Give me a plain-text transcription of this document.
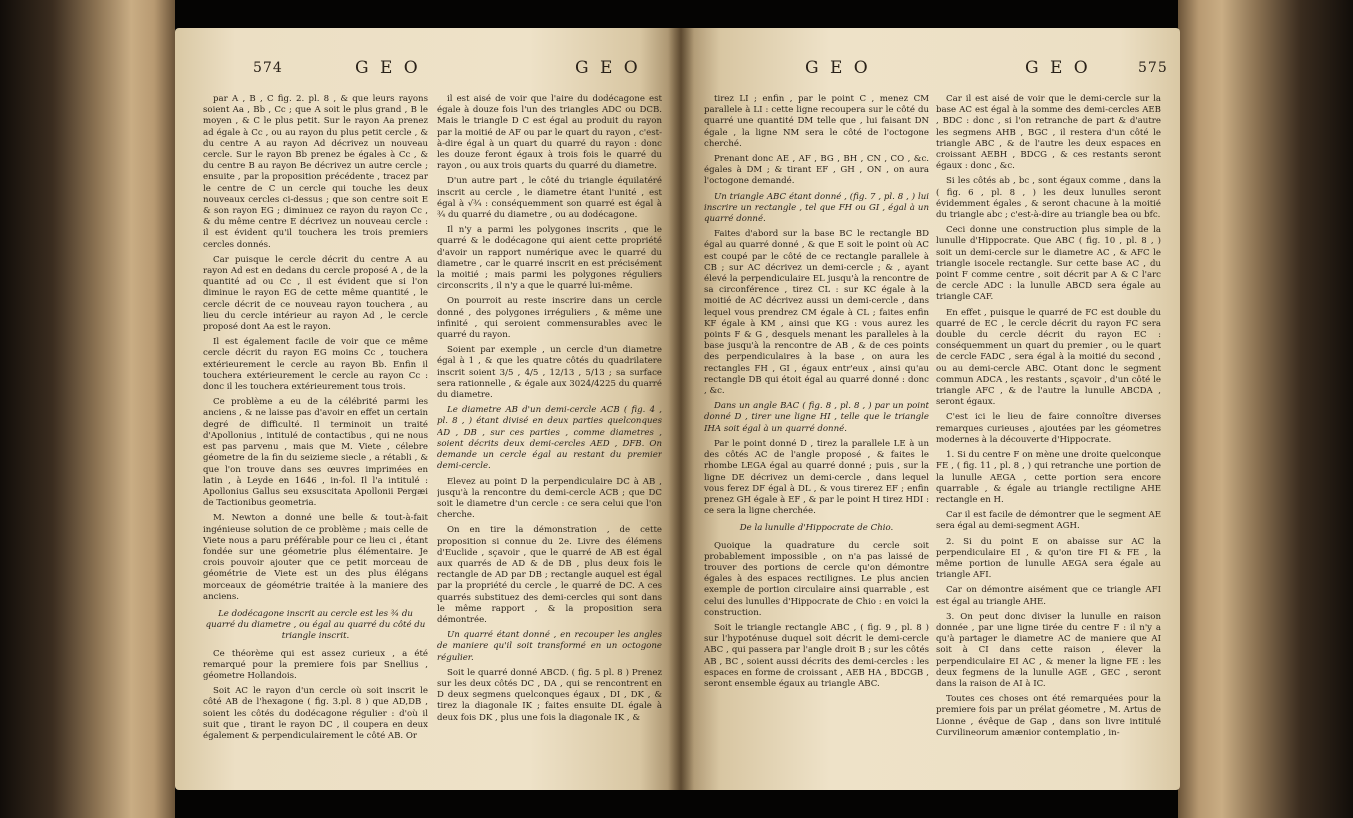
574	G E O	G E O

par A , B , C fig. 2. pl. 8 , & que leurs rayons soient Aa , Bb , Cc ; que A soit le plus grand , B le moyen , & C le plus petit. Sur le rayon Aa prenez ad égale à Cc , ou au rayon du plus petit cercle , & du centre A au rayon Ad décrivez un nouveau cercle. Sur le rayon Bb prenez be égales à Cc , & du centre B au rayon Be décrivez un autre cercle ; ensuite , par la proposition précédente , tracez par le centre de C un cercle qui touche les deux nouveaux cercles ci-dessus ; que son centre soit E & son rayon EG ; diminuez ce rayon du rayon Cc , & du même centre E décrivez un nouveau cercle : il est évident qu'il touchera les trois premiers cercles donnés.

Car puisque le cercle décrit du centre A au rayon Ad est en dedans du cercle proposé A , de la quantité ad ou Cc , il est évident que si l'on diminue le rayon EG de cette même quantité , le cercle décrit de ce nouveau rayon touchera , au lieu du cercle intérieur au rayon Ad , le cercle proposé dont Aa est le rayon.

Il est également facile de voir que ce même cercle décrit du rayon EG moins Cc , touchera extérieurement le cercle au rayon Bb. Enfin il touchera extérieurement le cercle au rayon Cc : donc il les touchera extérieurement tous trois.

Ce problème a eu de la célébrité parmi les anciens , & ne laisse pas d'avoir en effet un certain degré de difficulté. Il terminoit un traité d'Apollonius , intitulé de contactibus , qui ne nous est pas parvenu , mais que M. Viete , célebre géometre de la fin du seizieme siecle , a rétabli , & que l'on trouve dans ses œuvres imprimées en latin , à Leyde en 1646 , in-fol. Il l'a intitulé : Apollonius Gallus seu exsuscitata Apollonii Pergæi de Tactionibus geometria.

M. Newton a donné une belle & tout-à-fait ingénieuse solution de ce problème ; mais celle de Viete nous a paru préférable pour ce lieu ci , étant fondée sur une géometrie plus élémentaire. Je crois pouvoir ajouter que ce petit morceau de géométrie de Viete est un des plus élégans morceaux de géométrie traitée à la maniere des anciens.

Le dodécagone inscrit au cercle est les ¾ du quarré du diametre , ou égal au quarré du côté du triangle inscrit.

Ce théorème qui est assez curieux , a été remarqué pour la premiere fois par Snellius , géometre Hollandois.

Soit AC le rayon d'un cercle où soit inscrit le côté AB de l'hexagone ( fig. 3.pl. 8 ) que AD,DB , soient les côtés du dodécagone régulier : d'où il suit que , tirant le rayon DC , il coupera en deux également & perpendiculairement le côté AB. Or

il est aisé de voir que l'aire du dodécagone est égale à douze fois l'un des triangles ADC ou DCB. Mais le triangle D C est égal au produit du rayon par la moitié de AF ou par le quart du rayon , c'est-à-dire égal à un quart du quarré du rayon : donc les douze feront égaux à trois fois le quarré du rayon , ou aux trois quarts du quarré du diametre.

D'un autre part , le côté du triangle équilatéré inscrit au cercle , le diametre étant l'unité , est égal à √¾ : conséquemment son quarré est égal à ¾ du quarré du diametre , ou au dodécagone.

Il n'y a parmi les polygones inscrits , que le quarré & le dodécagone qui aient cette propriété d'avoir un rapport numérique avec le quarré du diametre , car le quarré inscrit en est précisément la moitié ; mais parmi les polygones réguliers circonscrits , il n'y a que le quarré lui-même.

On pourroit au reste inscrire dans un cercle donné , des polygones irréguliers , & même une infinité , qui seroient commensurables avec le quarré du rayon.

Soient par exemple , un cercle d'un diametre égal à 1 , & que les quatre côtés du quadrilatere inscrit soient 3/5 , 4/5 , 12/13 , 5/13 ; sa surface sera rationnelle , & égale aux 3024/4225 du quarré du diametre.

Le diametre AB d'un demi-cercle ACB ( fig. 4 , pl. 8 , ) étant divisé en deux parties quelconques AD , DB , sur ces parties , comme diametres , soient décrits deux demi-cercles AED , DFB. On demande un cercle égal au restant du premier demi-cercle.

Elevez au point D la perpendiculaire DC à AB , jusqu'à la rencontre du demi-cercle ACB ; que DC soit le diametre d'un cercle : ce sera celui que l'on cherche.

On en tire la démonstration , de cette proposition si connue du 2e. Livre des élémens d'Euclide , sçavoir , que le quarré de AB est égal aux quarrés de AD & de DB , plus deux fois le rectangle de AD par DB ; rectangle auquel est égal par la propriété du cercle , le quarré de DC. A ces quarrés substituez des demi-cercles qui sont dans le même rapport , & la proposition sera démontrée.

Un quarré étant donné , en recouper les angles de maniere qu'il soit transformé en un octogone régulier.

Soit le quarré donné ABCD. ( fig. 5 pl. 8 ) Prenez sur les deux côtés DC , DA , qui se rencontrent en D deux segmens quelconques égaux , DI , DK , & tirez la diagonale IK ; faites ensuite DL égale à deux fois DK , plus une fois la diagonale IK , &

G E O	G E O	575

tirez LI ; enfin , par le point C , menez CM parallele à LI : cette ligne recoupera sur le côté du quarré une quantité DM telle que , lui faisant DN égale , la ligne NM sera le côté de l'octogone cherché.

Prenant donc AE , AF , BG , BH , CN , CO , &c. égales à DM ; & tirant EF , GH , ON , on aura l'octogone demandé.

Un triangle ABC étant donné , (fig. 7 , pl. 8 , ) lui inscrire un rectangle , tel que FH ou GI , égal à un quarré donné.

Faites d'abord sur la base BC le rectangle BD égal au quarré donné , & que E soit le point où AC est coupé par le côté de ce rectangle parallele à CB ; sur AC décrivez un demi-cercle ; & , ayant élevé la perpendiculaire EL jusqu'à la rencontre de sa circonférence , tirez CL : sur KC égale à la moitié de AC décrivez aussi un demi-cercle , dans lequel vous prendrez CM égale à CL ; faites enfin KF égale à KM , ainsi que KG : vous aurez les points F & G , desquels menant les paralleles à la base jusqu'à la rencontre de AB , & de ces points des perpendiculaires à la base , on aura les rectangles FH , GI , égaux entr'eux , ainsi qu'au rectangle DB qui étoit égal au quarré donné : donc , &c.

Dans un angle BAC ( fig. 8 , pl. 8 , ) par un point donné D , tirer une ligne HI , telle que le triangle IHA soit égal à un quarré donné.

Par le point donné D , tirez la parallele LE à un des côtés AC de l'angle proposé , & faites le rhombe LEGA égal au quarré donné ; puis , sur la ligne DE décrivez un demi-cercle , dans lequel vous ferez DF égal à DL , & vous tirerez EF ; enfin prenez GH égale à EF , & par le point H tirez HDI : ce sera la ligne cherchée.

De la lunulle d'Hippocrate de Chio.

Quoique la quadrature du cercle soit probablement impossible , on n'a pas laissé de trouver des portions de cercle qu'on démontre égales à des espaces rectilignes. Le plus ancien exemple de portion circulaire ainsi quarrable , est celui des lunulles d'Hippocrate de Chio : en voici la construction.

Soit le triangle rectangle ABC , ( fig. 9 , pl. 8 ) sur l'hypoténuse duquel soit décrit le demi-cercle ABC , qui passera par l'angle droit B ; sur les côtés AB , BC , soient aussi décrits des demi-cercles : les espaces en forme de croissant , AEB HA , BDCGB , seront ensemble égaux au triangle ABC.

Car il est aisé de voir que le demi-cercle sur la base AC est égal à la somme des demi-cercles AEB , BDC : donc , si l'on retranche de part & d'autre les segmens AHB , BGC , il restera d'un côté le triangle ABC , & de l'autre les deux espaces en croissant AEBH , BDCG , & ces restants seront égaux : donc , &c.

Si les côtés ab , bc , sont égaux comme , dans la ( fig. 6 , pl. 8 , ) les deux lunulles seront évidemment égales , & seront chacune à la moitié du triangle abc ; c'est-à-dire au triangle bea ou bfc.

Ceci donne une construction plus simple de la lunulle d'Hippocrate. Que ABC ( fig. 10 , pl. 8 , ) soit un demi-cercle sur le diametre AC , & AFC le triangle isocele rectangle. Sur cette base AC , du point F comme centre , soit décrit par A & C l'arc de cercle ADC : la lunulle ABCD sera égale au triangle CAF.

En effet , puisque le quarré de FC est double du quarré de EC , le cercle décrit du rayon FC sera double du cercle décrit du rayon EC : conséquemment un quart du premier , ou le quart de cercle FADC , sera égal à la moitié du second , ou au demi-cercle ABC. Otant donc le segment commun ADCA , les restants , sçavoir , d'un côté le triangle AFC , & de l'autre la lunulle ABCDA , seront égaux.

C'est ici le lieu de faire connoître diverses remarques curieuses , ajoutées par les géometres modernes à la découverte d'Hippocrate.

1. Si du centre F on mène une droite quelconque FE , ( fig. 11 , pl. 8 , ) qui retranche une portion de la lunulle AEGA , cette portion sera encore quarrable , & égale au triangle rectiligne AHE rectangle en H.

Car il est facile de démontrer que le segment AE sera égal au demi-segment AGH.

2. Si du point E on abaisse sur AC la perpendiculaire EI , & qu'on tire FI & FE , la même portion de lunulle AEGA sera égale au triangle AFI.

Car on démontre aisément que ce triangle AFI est égal au triangle AHE.

3. On peut donc diviser la lunulle en raison donnée , par une ligne tirée du centre F : il n'y a qu'à partager le diametre AC de maniere que AI soit à CI dans cette raison , élever la perpendiculaire EI AC , & mener la ligne FE : les deux fegmens de la lunulle AGE , GEC , seront dans la raison de AI à IC.

Toutes ces choses ont été remarquées pour la premiere fois par un prélat géometre , M. Artus de Lionne , évêque de Gap , dans son livre intitulé Curvilineorum amænior contemplatio , in-
